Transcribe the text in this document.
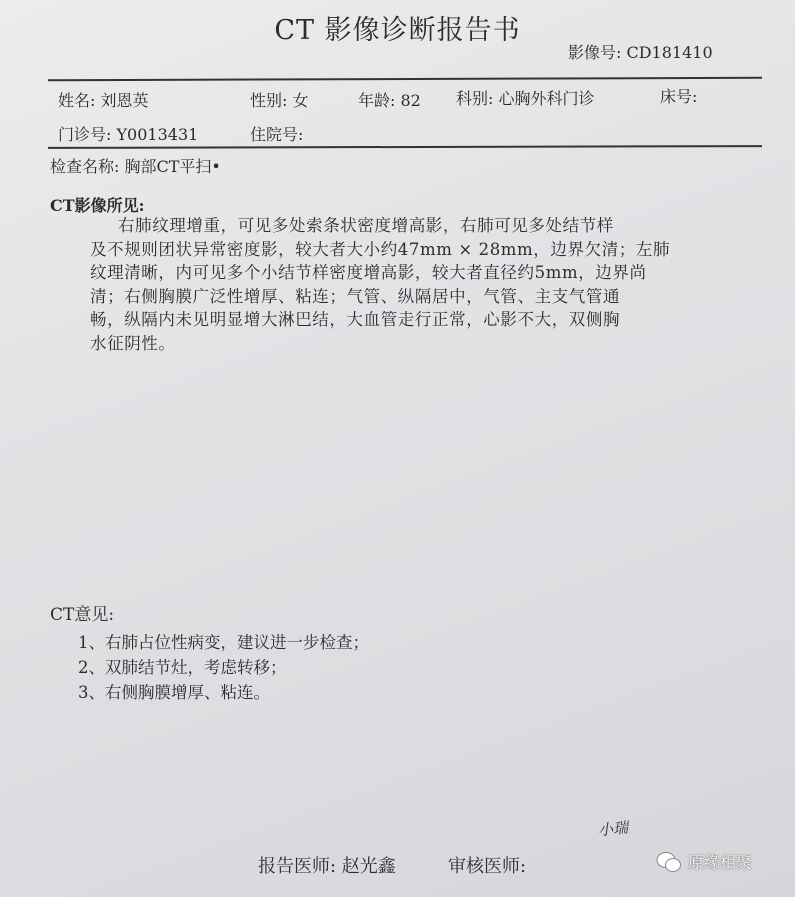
CT 影像诊断报告书
影像号: CD181410
姓名: 刘恩英	性别: 女	年龄: 82 科别: 心胸外科门诊	床号:
门诊号: Y0013431	住院号:
检查名称: 胸部CT平扫•
CT影像所见:
右肺纹理增重，可见多处索条状密度增高影，右肺可见多处结节样
及不规则团状异常密度影，较大者大小约47mm × 28mm，边界欠清；左肺
纹理清晰，内可见多个小结节样密度增高影，较大者直径约5mm，边界尚
清；右侧胸膜广泛性增厚、粘连；气管、纵隔居中，气管、主支气管通
畅，纵隔内未见明显增大淋巴结，大血管走行正常，心影不大，双侧胸
水征阴性。
CT意见:
1、右肺占位性病变，建议进一步检查；
2、双肺结节灶，考虑转移；
3、右侧胸膜增厚、粘连。
报告医师: 赵光鑫	审核医师:
小瑞
原缘相聚
